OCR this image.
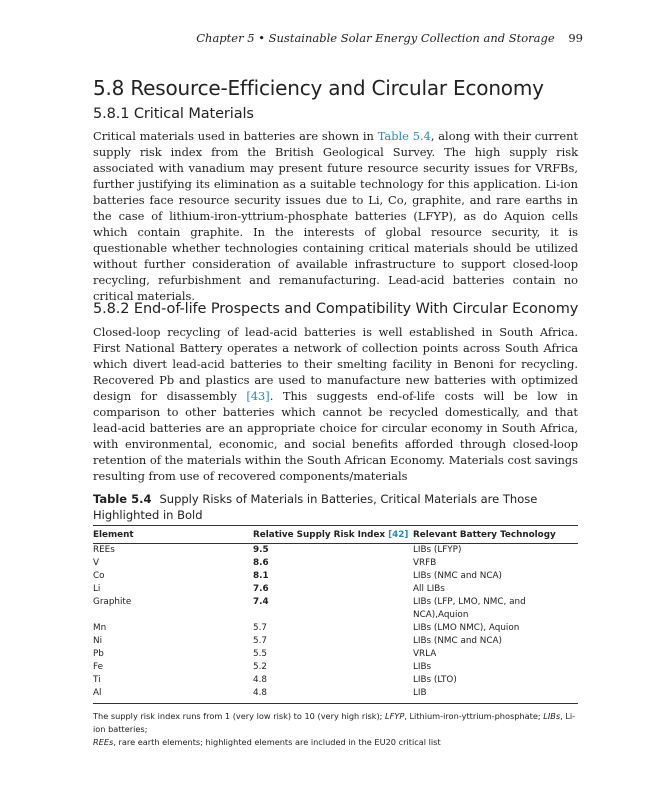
Chapter 5 • Sustainable Solar Energy Collection and Storage 99
5.8 Resource-Efficiency and Circular Economy
5.8.1 Critical Materials

Critical materials used in batteries are shown in Table 5.4, along with their current supply risk index from the British Geological Survey. The high supply risk associated with vanadium may present future resource security issues for VRFBs, further justifying its elimination as a suitable technology for this application. Li-ion batteries face resource security issues due to Li, Co, graphite, and rare earths in the case of lithium-iron-yttrium-phosphate batteries (LFYP), as do Aquion cells which contain graphite. In the interests of global resource security, it is questionable whether technologies containing critical materials should be utilized without further consideration of available infrastructure to support closed-loop recycling, refurbishment and remanufacturing. Lead-acid batteries contain no critical materials.

5.8.2 End-of-life Prospects and Compatibility With Circular Economy

Closed-loop recycling of lead-acid batteries is well established in South Africa. First National Battery operates a network of collection points across South Africa which divert lead-acid batteries to their smelting facility in Benoni for recycling. Recovered Pb and plastics are used to manufacture new batteries with optimized design for disassembly [43]. This suggests end-of-life costs will be low in comparison to other batteries which cannot be recycled domestically, and that lead-acid batteries are an appropriate choice for circular economy in South Africa, with environmental, economic, and social benefits afforded through closed-loop retention of the materials within the South African Economy. Materials cost savings resulting from use of recovered components/materials

Table 5.4 Supply Risks of Materials in Batteries, Critical Materials are Those Highlighted in Bold
Element	Relative Supply Risk Index [42]	Relevant Battery Technology
REEs	9.5	LIBs (LFYP)
V	8.6	VRFB
Co	8.1	LIBs (NMC and NCA)
Li	7.6	All LIBs
Graphite	7.4	LIBs (LFP, LMO, NMC, and NCA),Aquion
Mn	5.7	LIBs (LMO NMC), Aquion
Ni	5.7	LIBs (NMC and NCA)
Pb	5.5	VRLA
Fe	5.2	LIBs
Ti	4.8	LIBs (LTO)
Al	4.8	LIB
The supply risk index runs from 1 (very low risk) to 10 (very high risk); LFYP, Lithium-iron-yttrium-phosphate; LIBs, Li-ion batteries;
REEs, rare earth elements; highlighted elements are included in the EU20 critical list
